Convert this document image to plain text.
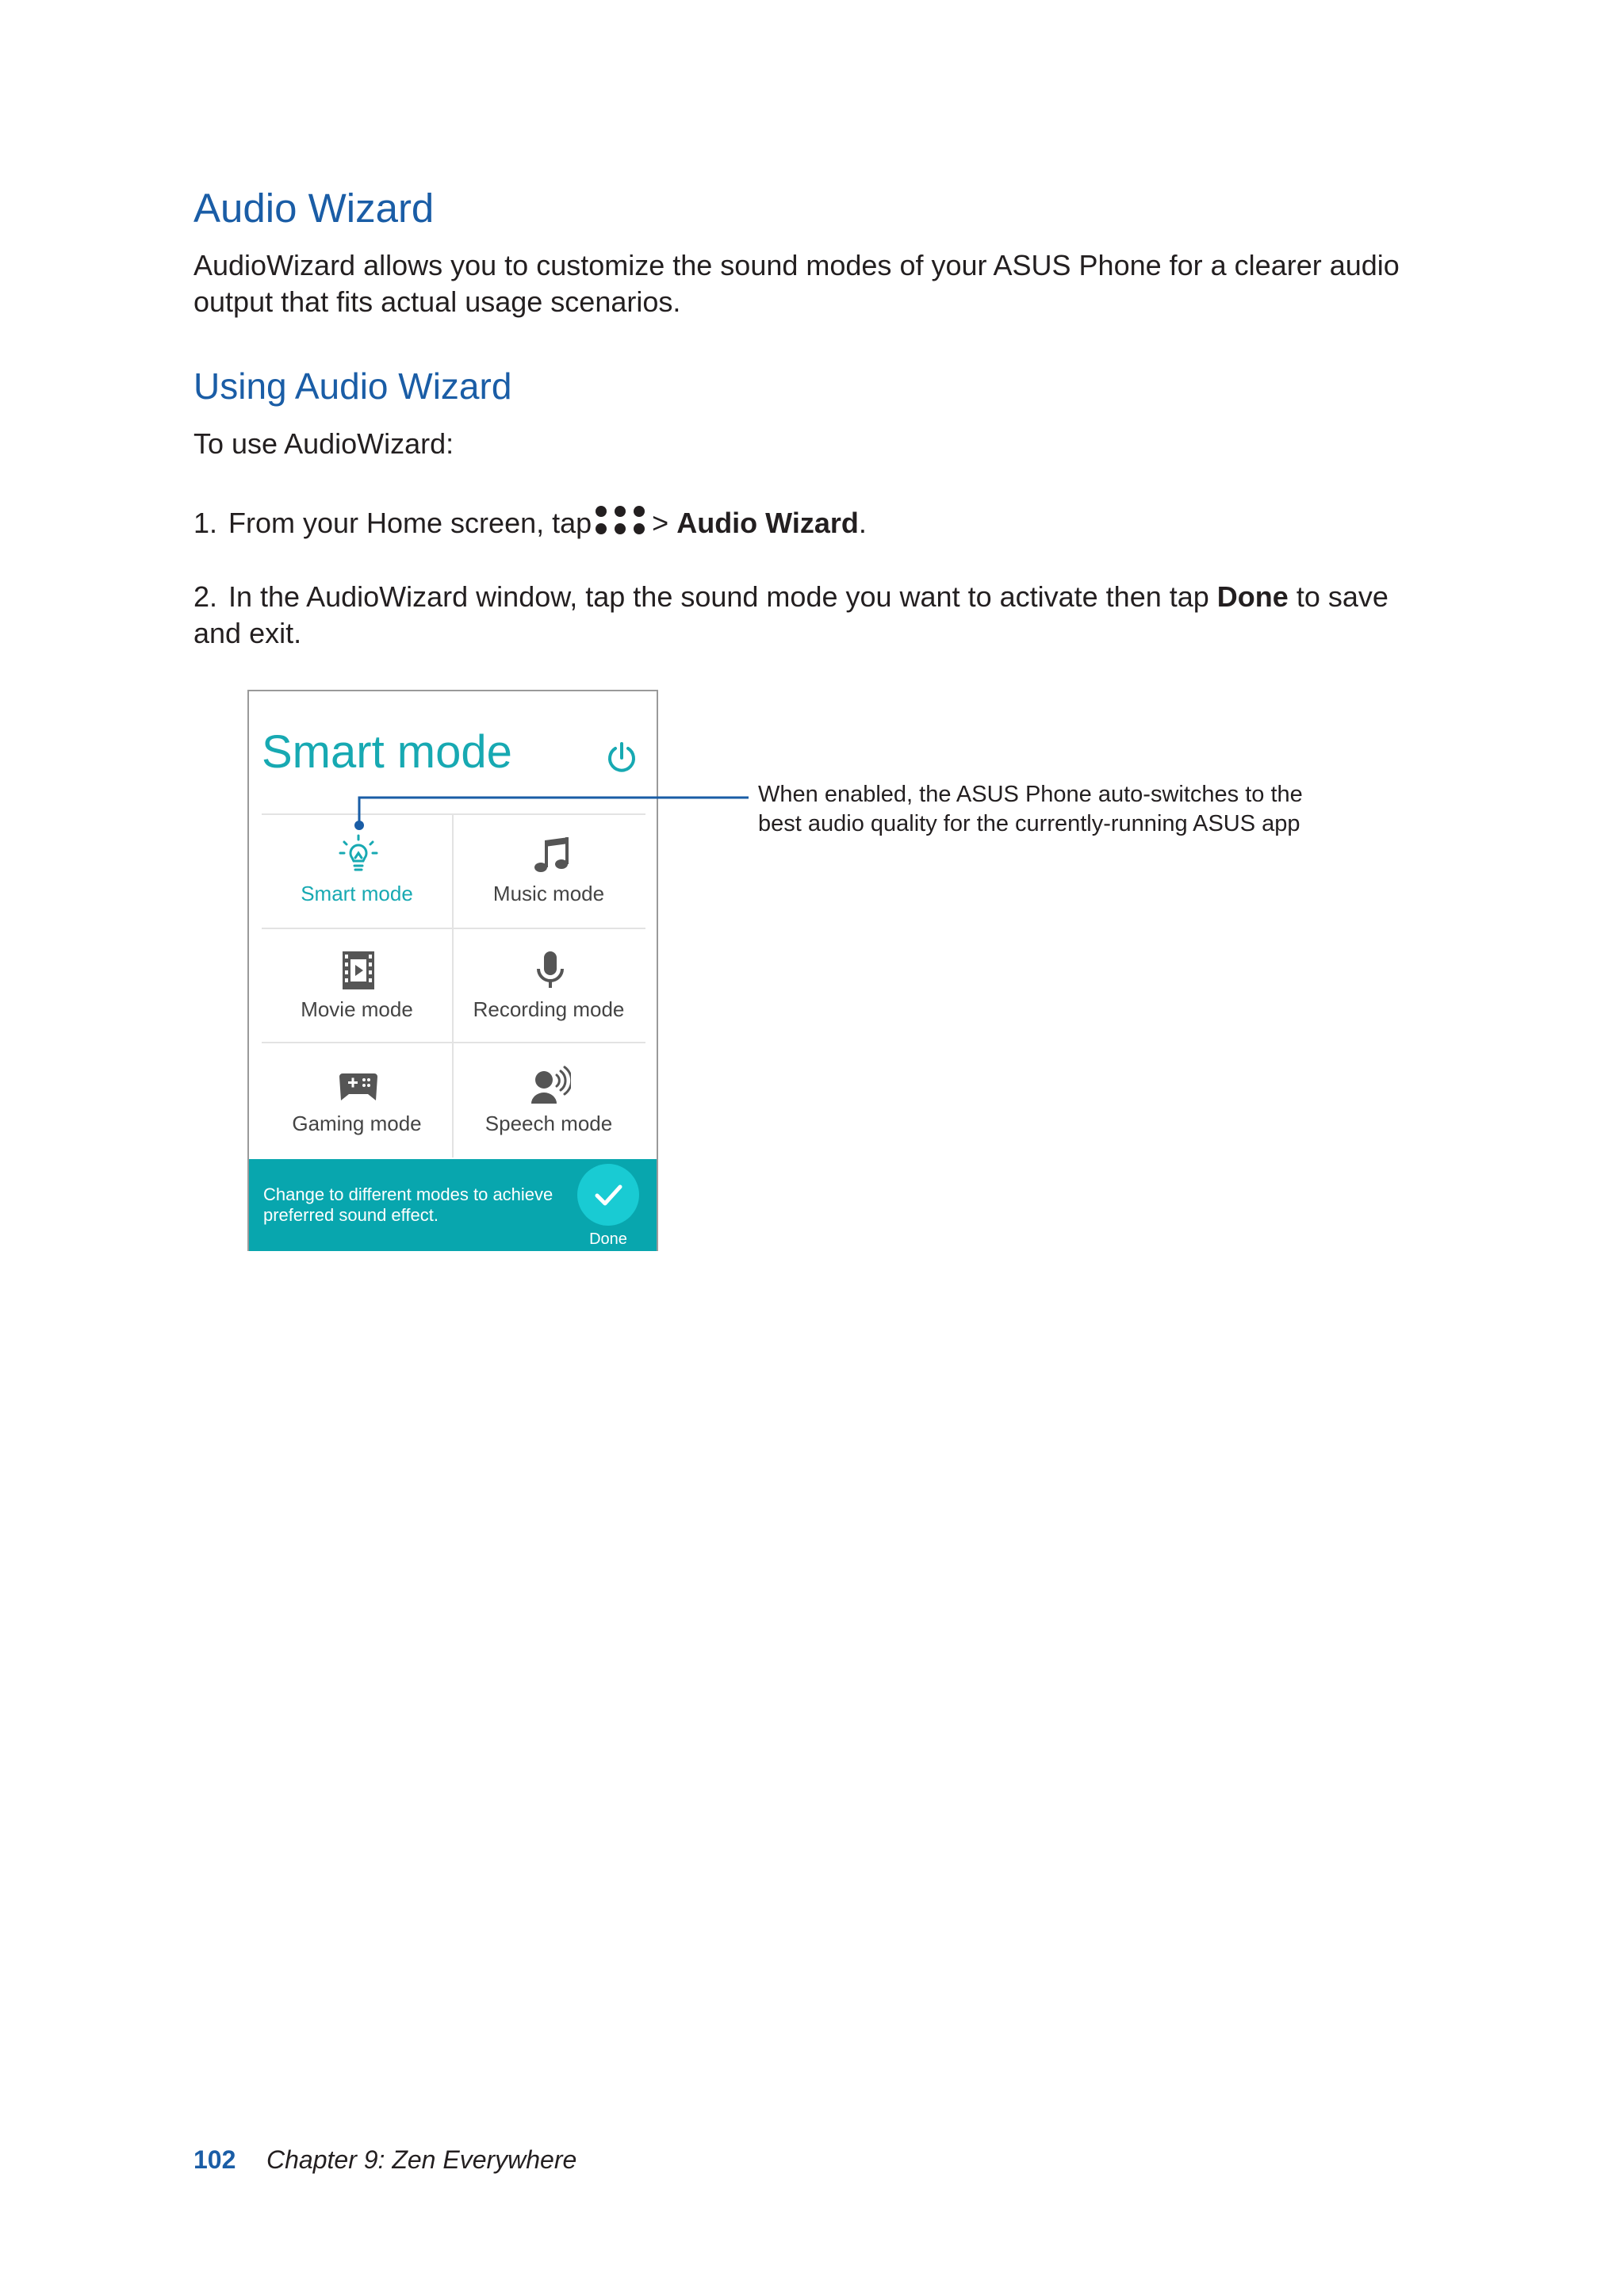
Audio Wizard
AudioWizard allows you to customize the sound modes of your ASUS Phone for a clearer audio output that fits actual usage scenarios.
Using Audio Wizard
To use AudioWizard:
1. From your Home screen, tap > Audio Wizard.
2. In the AudioWizard window, tap the sound mode you want to activate then tap Done to save and exit.
Smart mode
Smart mode	Music mode
Movie mode	Recording mode
Gaming mode	Speech mode
Change to different modes to achieve preferred sound effect.
Done
When enabled, the ASUS Phone auto-switches to the best audio quality for the currently-running ASUS app
102 Chapter 9: Zen Everywhere
